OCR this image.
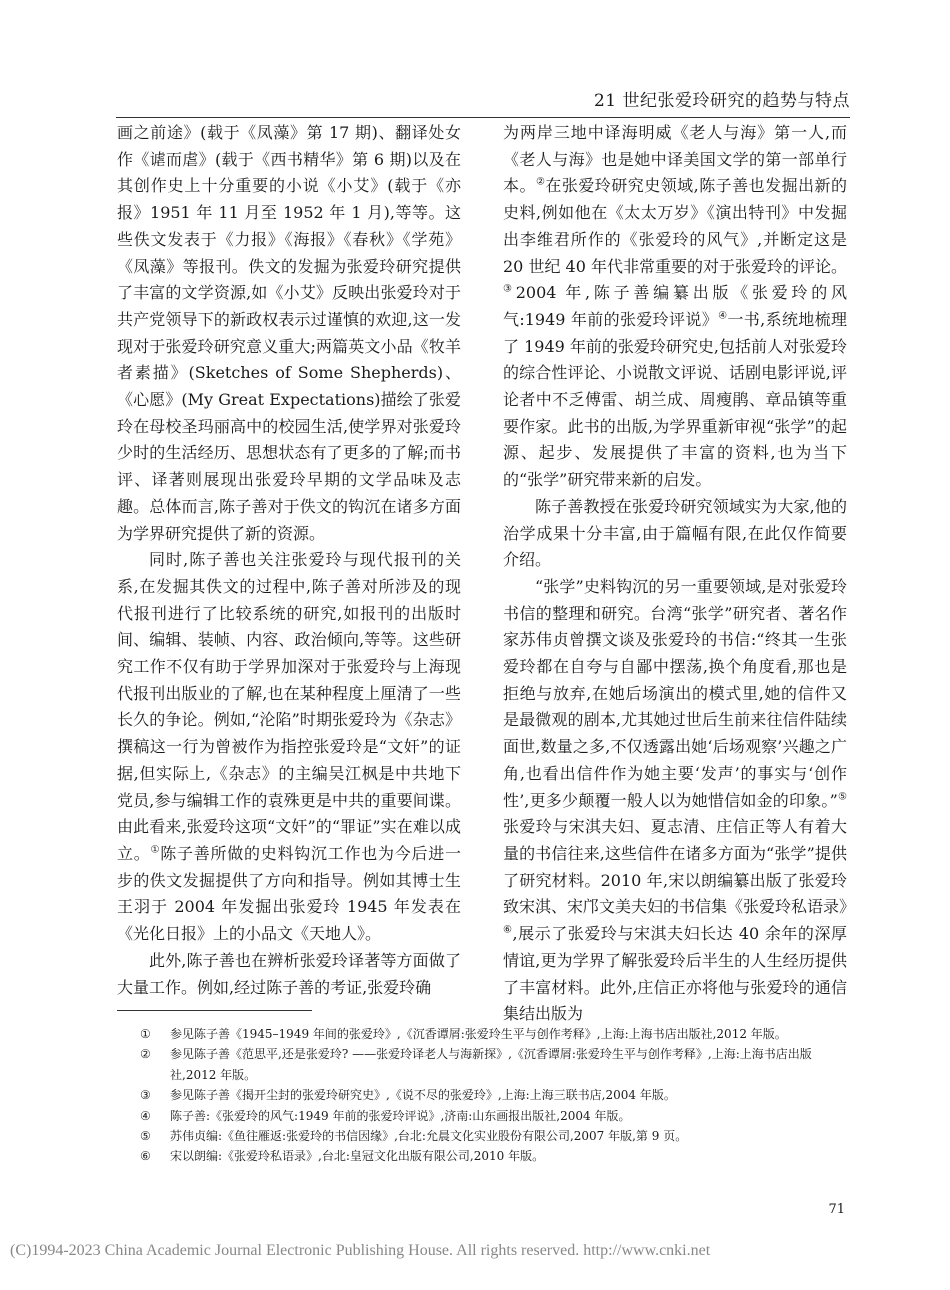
21 世纪张爱玲研究的趋势与特点

画之前途》(载于《凤藻》第 17 期)、翻译处女作《谑而虐》(载于《西书精华》第 6 期)以及在其创作史上十分重要的小说《小艾》(载于《亦报》1951 年 11 月至 1952 年 1 月),等等。这些佚文发表于《力报》《海报》《春秋》《学苑》《凤藻》等报刊。佚文的发掘为张爱玲研究提供了丰富的文学资源,如《小艾》反映出张爱玲对于共产党领导下的新政权表示过谨慎的欢迎,这一发现对于张爱玲研究意义重大;两篇英文小品《牧羊者素描》(Sketches of Some Shepherds)、《心愿》(My Great Expectations)描绘了张爱玲在母校圣玛丽高中的校园生活,使学界对张爱玲少时的生活经历、思想状态有了更多的了解;而书评、译著则展现出张爱玲早期的文学品味及志趣。总体而言,陈子善对于佚文的钩沉在诸多方面为学界研究提供了新的资源。

同时,陈子善也关注张爱玲与现代报刊的关系,在发掘其佚文的过程中,陈子善对所涉及的现代报刊进行了比较系统的研究,如报刊的出版时间、编辑、装帧、内容、政治倾向,等等。这些研究工作不仅有助于学界加深对于张爱玲与上海现代报刊出版业的了解,也在某种程度上厘清了一些长久的争论。例如,“沦陷”时期张爱玲为《杂志》撰稿这一行为曾被作为指控张爱玲是“文奸”的证据,但实际上,《杂志》的主编吴江枫是中共地下党员,参与编辑工作的袁殊更是中共的重要间谍。由此看来,张爱玲这项“文奸”的“罪证”实在难以成立。①陈子善所做的史料钩沉工作也为今后进一步的佚文发掘提供了方向和指导。例如其博士生王羽于 2004 年发掘出张爱玲 1945 年发表在《光化日报》上的小品文《天地人》。

此外,陈子善也在辨析张爱玲译著等方面做了大量工作。例如,经过陈子善的考证,张爱玲确

为两岸三地中译海明威《老人与海》第一人,而《老人与海》也是她中译美国文学的第一部单行本。②在张爱玲研究史领域,陈子善也发掘出新的史料,例如他在《太太万岁》《演出特刊》中发掘出李维君所作的《张爱玲的风气》,并断定这是 20 世纪 40 年代非常重要的对于张爱玲的评论。③2004 年,陈子善编纂出版《张爱玲的风气:1949 年前的张爱玲评说》④一书,系统地梳理了 1949 年前的张爱玲研究史,包括前人对张爱玲的综合性评论、小说散文评说、话剧电影评说,评论者中不乏傅雷、胡兰成、周瘦鹃、章品镇等重要作家。此书的出版,为学界重新审视“张学”的起源、起步、发展提供了丰富的资料,也为当下的“张学”研究带来新的启发。

陈子善教授在张爱玲研究领域实为大家,他的治学成果十分丰富,由于篇幅有限,在此仅作简要介绍。

“张学”史料钩沉的另一重要领域,是对张爱玲书信的整理和研究。台湾“张学”研究者、著名作家苏伟贞曾撰文谈及张爱玲的书信:“终其一生张爱玲都在自夸与自鄙中摆荡,换个角度看,那也是拒绝与放弃,在她后场演出的模式里,她的信件又是最微观的剧本,尤其她过世后生前来往信件陆续面世,数量之多,不仅透露出她‘后场观察’兴趣之广角,也看出信件作为她主要‘发声’的事实与‘创作性’,更多少颠覆一般人以为她惜信如金的印象。”⑤张爱玲与宋淇夫妇、夏志清、庄信正等人有着大量的书信往来,这些信件在诸多方面为“张学”提供了研究材料。2010 年,宋以朗编纂出版了张爱玲致宋淇、宋邝文美夫妇的书信集《张爱玲私语录》⑥,展示了张爱玲与宋淇夫妇长达 40 余年的深厚情谊,更为学界了解张爱玲后半生的人生经历提供了丰富材料。此外,庄信正亦将他与张爱玲的通信集结出版为

①	参见陈子善《1945–1949 年间的张爱玲》,《沉香谭屑:张爱玲生平与创作考释》,上海:上海书店出版社,2012 年版。
②	参见陈子善《范思平,还是张爱玲? ——张爱玲译老人与海新探》,《沉香谭屑:张爱玲生平与创作考释》,上海:上海书店出版社,2012 年版。
③	参见陈子善《揭开尘封的张爱玲研究史》,《说不尽的张爱玲》,上海:上海三联书店,2004 年版。
④	陈子善:《张爱玲的风气:1949 年前的张爱玲评说》,济南:山东画报出版社,2004 年版。
⑤	苏伟贞编:《鱼往雁返:张爱玲的书信因缘》,台北:允晨文化实业股份有限公司,2007 年版,第 9 页。
⑥	宋以朗编:《张爱玲私语录》,台北:皇冠文化出版有限公司,2010 年版。
71
(C)1994-2023 China Academic Journal Electronic Publishing House. All rights reserved. http://www.cnki.net
